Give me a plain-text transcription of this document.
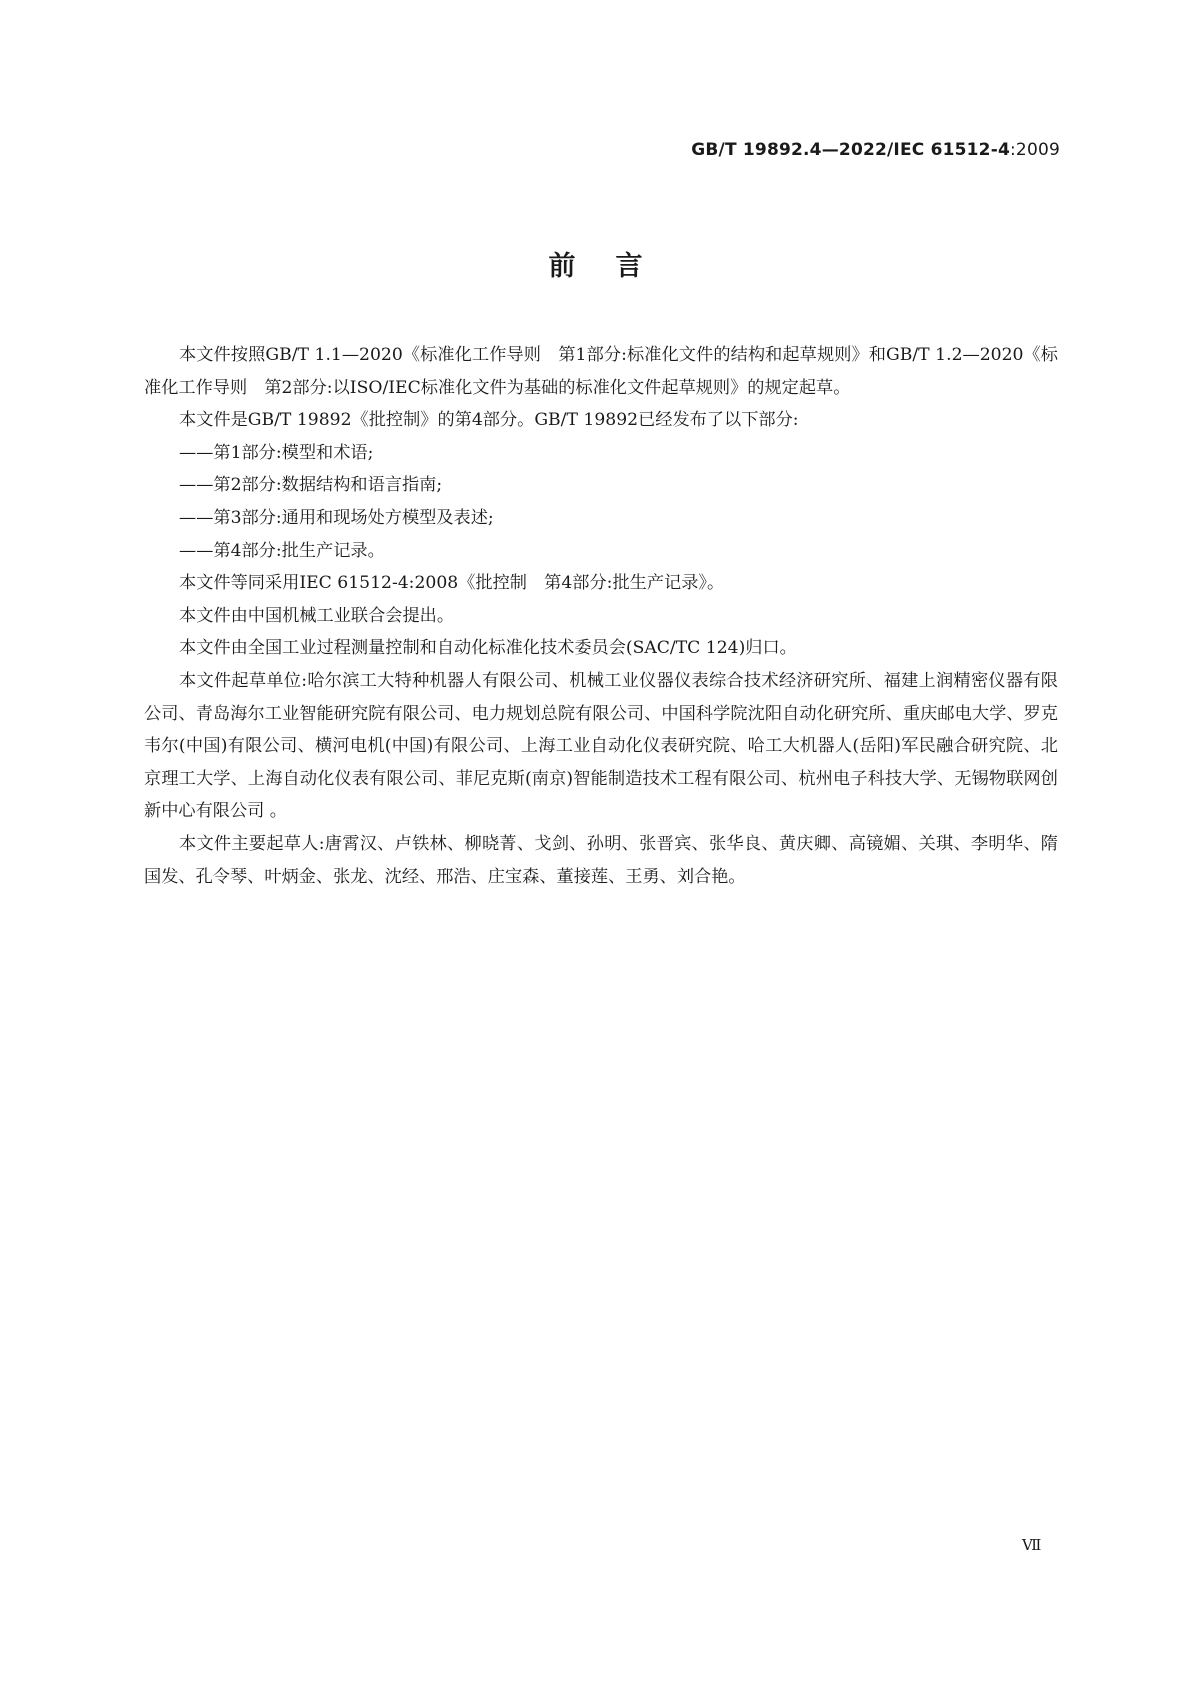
GB/T 19892.4—2022/IEC 61512-4:2009
前言

本文件按照GB/T 1.1—2020《标准化工作导则　第1部分:标准化文件的结构和起草规则》和GB/T 1.2—2020《标准化工作导则　第2部分:以ISO/IEC标准化文件为基础的标准化文件起草规则》的规定起草。

本文件是GB/T 19892《批控制》的第4部分。GB/T 19892已经发布了以下部分:

——第1部分:模型和术语;

——第2部分:数据结构和语言指南;

——第3部分:通用和现场处方模型及表述;

——第4部分:批生产记录。

本文件等同采用IEC 61512-4:2008《批控制　第4部分:批生产记录》。

本文件由中国机械工业联合会提出。

本文件由全国工业过程测量控制和自动化标准化技术委员会(SAC/TC 124)归口。

本文件起草单位:哈尔滨工大特种机器人有限公司、机械工业仪器仪表综合技术经济研究所、福建上润精密仪器有限公司、青岛海尔工业智能研究院有限公司、电力规划总院有限公司、中国科学院沈阳自动化研究所、重庆邮电大学、罗克韦尔(中国)有限公司、横河电机(中国)有限公司、上海工业自动化仪表研究院、哈工大机器人(岳阳)军民融合研究院、北京理工大学、上海自动化仪表有限公司、菲尼克斯(南京)智能制造技术工程有限公司、杭州电子科技大学、无锡物联网创新中心有限公司 。

本文件主要起草人:唐霄汉、卢铁林、柳晓菁、戈剑、孙明、张晋宾、张华良、黄庆卿、高镜媚、关琪、李明华、隋国发、孔令琴、叶炳金、张龙、沈经、邢浩、庄宝森、董接莲、王勇、刘合艳。

Ⅶ
